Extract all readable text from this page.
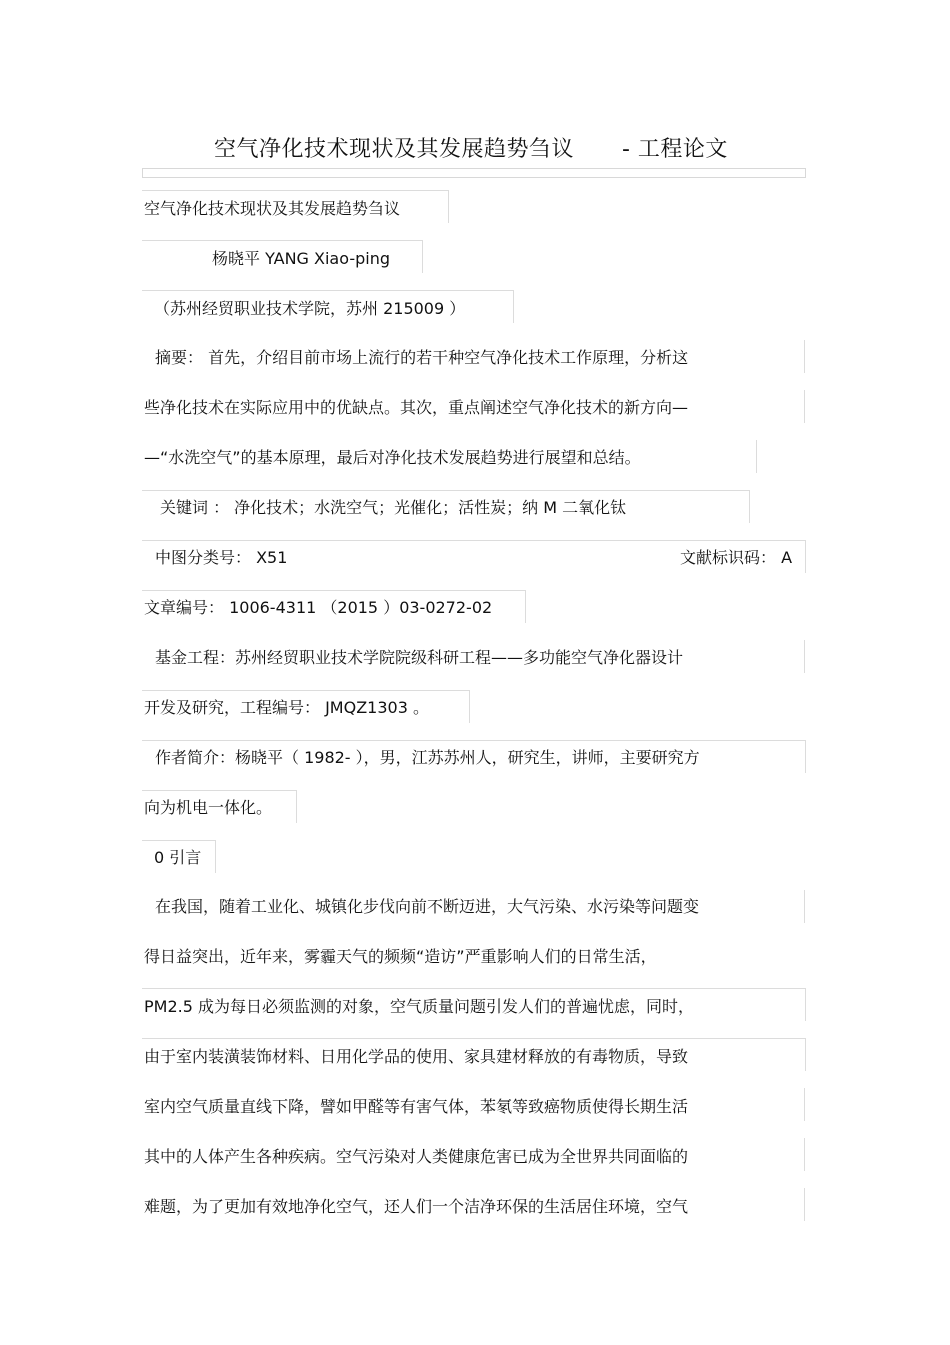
空气净化技术现状及其发展趋势刍议 - 工程论文
空气净化技术现状及其发展趋势刍议
杨晓平 YANG Xiao-ping
（苏州经贸职业技术学院，苏州 215009 ）
摘要： 首先，介绍目前市场上流行的若干种空气净化技术工作原理，分析这
些净化技术在实际应用中的优缺点。其次，重点阐述空气净化技术的新方向—
—“水洗空气”的基本原理，最后对净化技术发展趋势进行展望和总结。
关键词 ： 净化技术；水洗空气；光催化；活性炭；纳 M 二氧化钛
中图分类号： X51	文献标识码： A
文章编号： 1006-4311 （2015 ）03-0272-02
基金工程：苏州经贸职业技术学院院级科研工程——多功能空气净化器设计
开发及研究，工程编号： JMQZ1303 。
作者简介：杨晓平（ 1982- ），男，江苏苏州人，研究生，讲师，主要研究方
向为机电一体化。
0 引言
在我国，随着工业化、城镇化步伐向前不断迈进，大气污染、水污染等问题变
得日益突出，近年来，雾霾天气的频频“造访”严重影响人们的日常生活，
PM2.5 成为每日必须监测的对象，空气质量问题引发人们的普遍忧虑，同时，
由于室内装潢装饰材料、日用化学品的使用、家具建材释放的有毒物质，导致
室内空气质量直线下降，譬如甲醛等有害气体，苯氡等致癌物质使得长期生活
其中的人体产生各种疾病。空气污染对人类健康危害已成为全世界共同面临的
难题，为了更加有效地净化空气，还人们一个洁净环保的生活居住环境，空气
